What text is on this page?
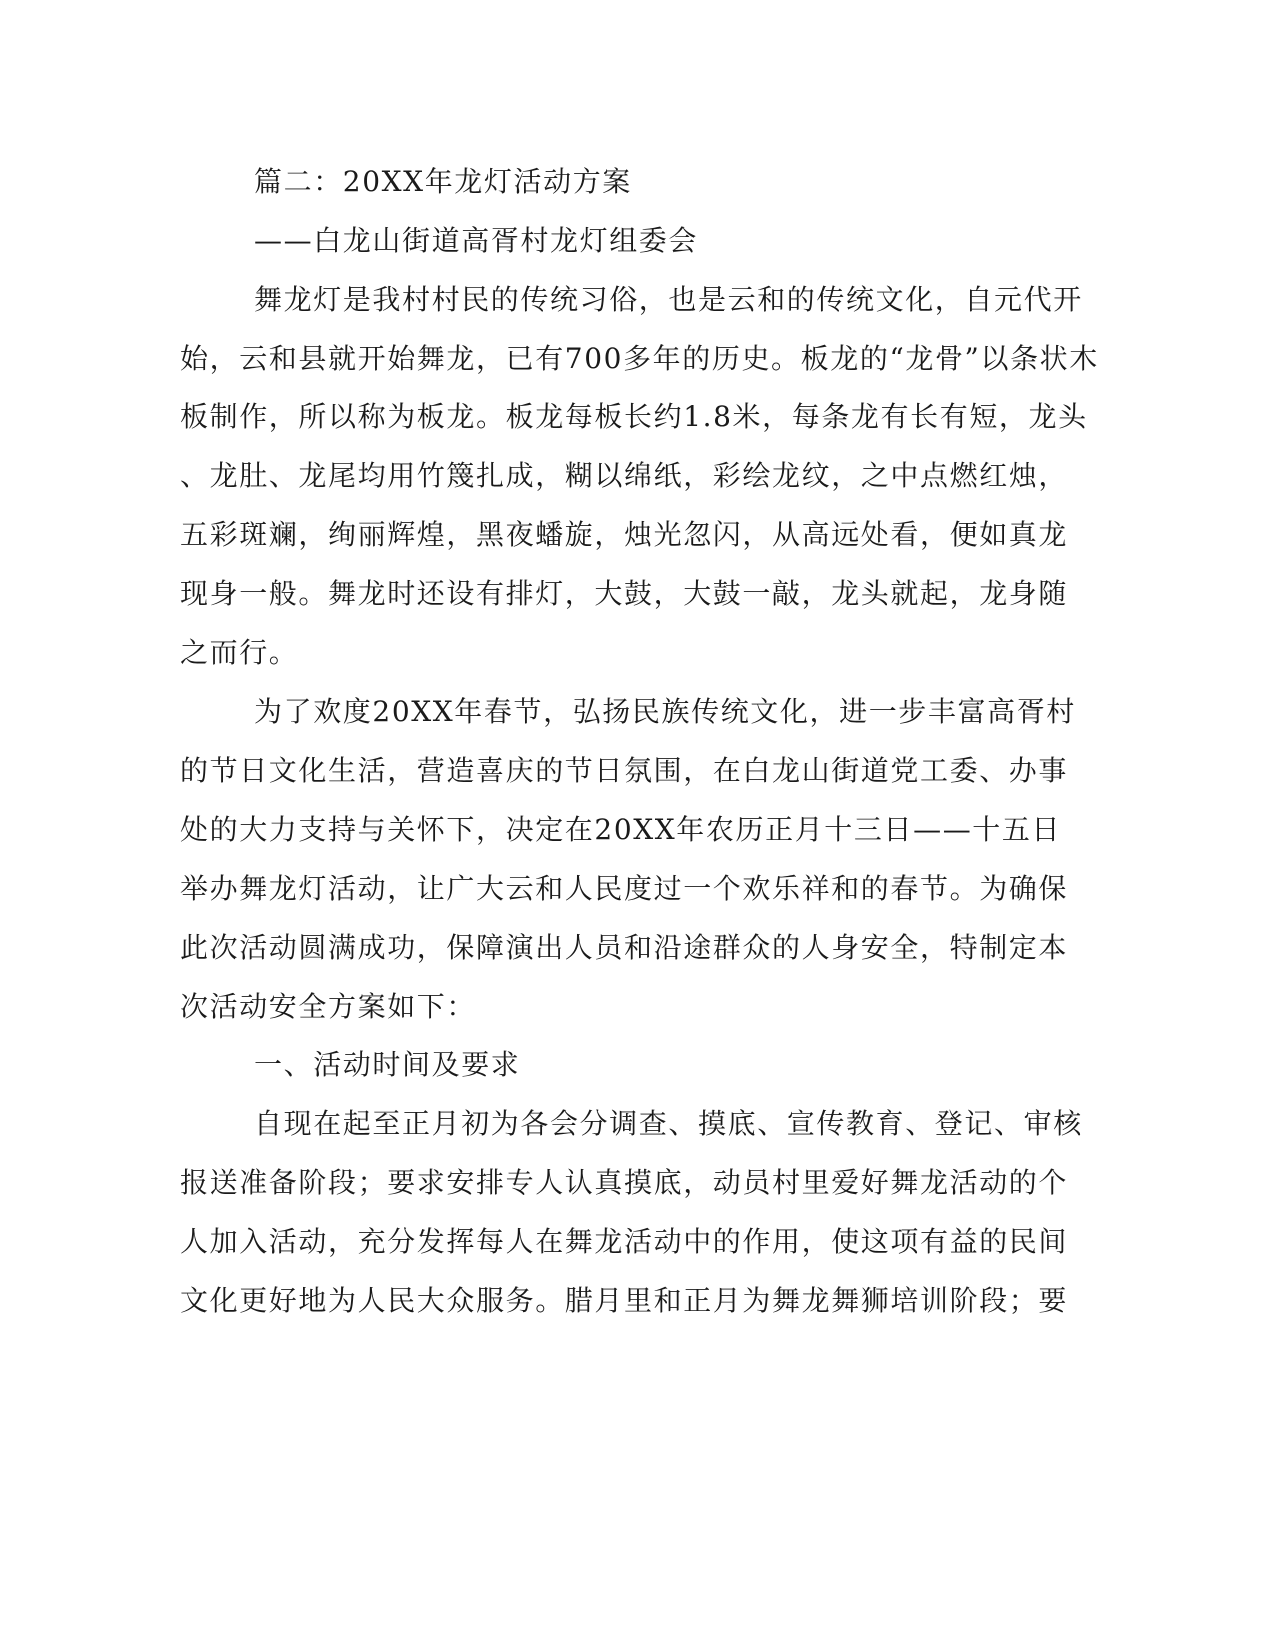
篇二：20XX年龙灯活动方案
——白龙山街道高胥村龙灯组委会
舞龙灯是我村村民的传统习俗，也是云和的传统文化，自元代开
始，云和县就开始舞龙，已有700多年的历史。板龙的“龙骨”以条状木
板制作，所以称为板龙。板龙每板长约1.8米，每条龙有长有短，龙头
、龙肚、龙尾均用竹篾扎成，糊以绵纸，彩绘龙纹，之中点燃红烛，
五彩斑斓，绚丽辉煌，黑夜蟠旋，烛光忽闪，从高远处看，便如真龙
现身一般。舞龙时还设有排灯，大鼓，大鼓一敲，龙头就起，龙身随
之而行。
为了欢度20XX年春节，弘扬民族传统文化，进一步丰富高胥村
的节日文化生活，营造喜庆的节日氛围，在白龙山街道党工委、办事
处的大力支持与关怀下，决定在20XX年农历正月十三日——十五日
举办舞龙灯活动，让广大云和人民度过一个欢乐祥和的春节。为确保
此次活动圆满成功，保障演出人员和沿途群众的人身安全，特制定本
次活动安全方案如下：
一、活动时间及要求
自现在起至正月初为各会分调查、摸底、宣传教育、登记、审核
报送准备阶段；要求安排专人认真摸底，动员村里爱好舞龙活动的个
人加入活动，充分发挥每人在舞龙活动中的作用，使这项有益的民间
文化更好地为人民大众服务。腊月里和正月为舞龙舞狮培训阶段；要
